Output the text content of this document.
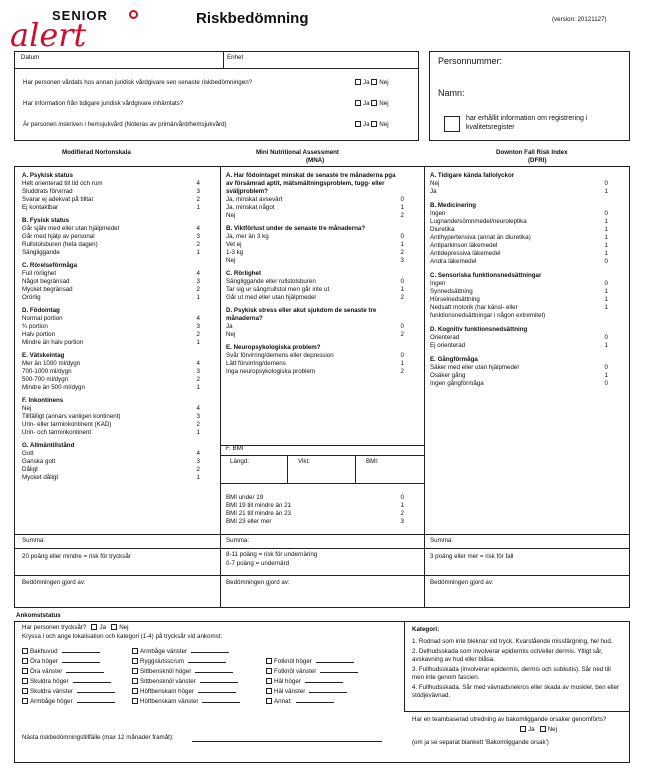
SENIOR
alert	Riskbedömning	(version: 20121127)
Datum	Enhet
Har personen vårdats hos annan juridisk vårdgivare sen senaste riskbedömningen?
Har information från tidigare juridisk vårdgivare inhämtats?
Är personen inskriven i hemsjukvård (Noteras av primärvård/hemsjukvård)
Ja Nej
Ja Nej
Ja Nej
Personnummer:
Namn:
har erhållit information om registrering i kvalitetsregister
Modifierad Nortonskala	Mini Nutritional Assessment
(MNA)
Downton Fall Risk Index
(DFRI)
A. Psykisk status
Helt orienterad till tid och rum	4
Sluddrats förvirrad	3
Svarar ej adekvat på tilltal	2
Ej kontaktbar	1
B. Fysisk status
Går själv med eller utan hjälpmedel	4
Går med hjälp av personal	3
Rullstolsburen (hela dagen)	2
Sängliggande	1
C. Rörelseförmåga
Full rörlighet	4
Något begränsad	3
Mycket begränsad	2
Orörlig	1
D. Födointag
Normal portion	4
¾ portion	3
Halv portion	2
Mindre än halv portion	1
E. Vätskeintag
Mer än 1000 ml/dygn	4
700-1000 ml/dygn	3
500-700 ml/dygn	2
Mindre än 500 ml/dygn	1
F. Inkontinens
Nej	4
Tillfälligt (annars vanligen kontinent)	3
Urin- eller tarminkontinent (KAD)	2
Urin- och tarminkontinent	1
G. Allmäntillstånd
Gott	4
Ganska gott	3
Dåligt	2
Mycket dåligt	1
A. Har födointaget minskat de senaste tre månaderna pga av försämrad aptit, mätsmältningsproblem, tugg- eller sväljproblem?
Ja, minskat avsevärt	0
Ja, minskat något	1
Nej	2
B. Viktförlust under de senaste tre månaderna?
Ja, mer än 3 kg	0
Vet ej	1
1-3 kg	2
Nej	3
C. Rörlighet
Sängliggande eller rullstolsburen	0
Tar sig ur säng/rullstol men går inte ut	1
Går ut med eller utan hjälpmedel	2
D. Psykisk stress eller akut sjukdom de senaste tre månaderna?
Ja	0
Nej	2
E. Neuropsykologiska problem?
Svår förvirring/demens eller depression	0
Lätt förvirring/demens	1
Inga neuropsykologiska problem	2
F. BMI
Längd:	Vikt:	BMI:
BMI under 19	0
BMI 19 till mindre än 21	1
BMI 21 till mindre än 23	2
BMI 23 eller mer	3
A. Tidigare kända fallolyckor
Nej	0
Ja	1
B. Medicinering
Ingen	0
Lugnande/sömnmedel/neuroleptika	1
Diuretika	1
Antihypertensiva (annat än diuretika)	1
Antiparkinson läkemedel	1
Antidepressiva läkemedel	1
Andra läkemedel	0
C. Sensoriska funktionsnedsättningar
Ingen	0
Synnedsättning	1
Hörselnedsättning	1
Nedsatt motorik (har känsl- eller	1
funktionsnedsättningar i någon extremitet)
D. Kognitiv funktionsnedsättning
Orienterad	0
Ej orienterad	1
E. Gångförmåga
Säker med eller utan hjälpmedel	0
Osäker gång	1
Ingen gångförmåga	0
Summa:	Summa:	Summa:
20 poäng eller mindre = risk för trycksår	8-11 poäng = risk för undernäring
0-7 poäng = undernärd
3 poäng eller mer = risk för fall
Bedömningen gjord av:	Bedömningen gjord av:	Bedömningen gjord av:
Ankomststatus
Har personen trycksår? Ja Nej
Kryssa i och ange lokalisation och kategori (1-4) på trycksår vid ankomst:
Bakhuvud
Öra höger
Öra vänster
Skuldra höger
Skuldra vänster
Armbåge höger
Armbåge vänster
Ryggslutsscrum
Sittbensknöl höger
Sittbensknöl vänster
Höftbenskam höger
Höftbenskam vänster
Fotknöl höger
Fotknöl vänster
Häl höger
Häl vänster
Annat:
Kategori:
1. Rodnad som inte bleknar vid tryck. Kvarstående missfärgning, hel hud.
2. Delhudsskada som involverar epidermis och/eller dermis. Ytligt sår, avskavning av hud eller blåsa.
3. Fullhudsskada (involverar epidermis, dermis och subkutis). Sår ned till men inte genom fascien.
4. Fullhudsskada. Sår med vävnadsnekros eller skada av muskler, ben eller stödjevävnad.
Har en teambaserad utredning av bakomliggande orsaker genomförts?
Ja Nej
(om ja se separat blankett 'Bakomliggande orsak')
Nästa riskbedömningstillfälle (max 12 månader framåt):
